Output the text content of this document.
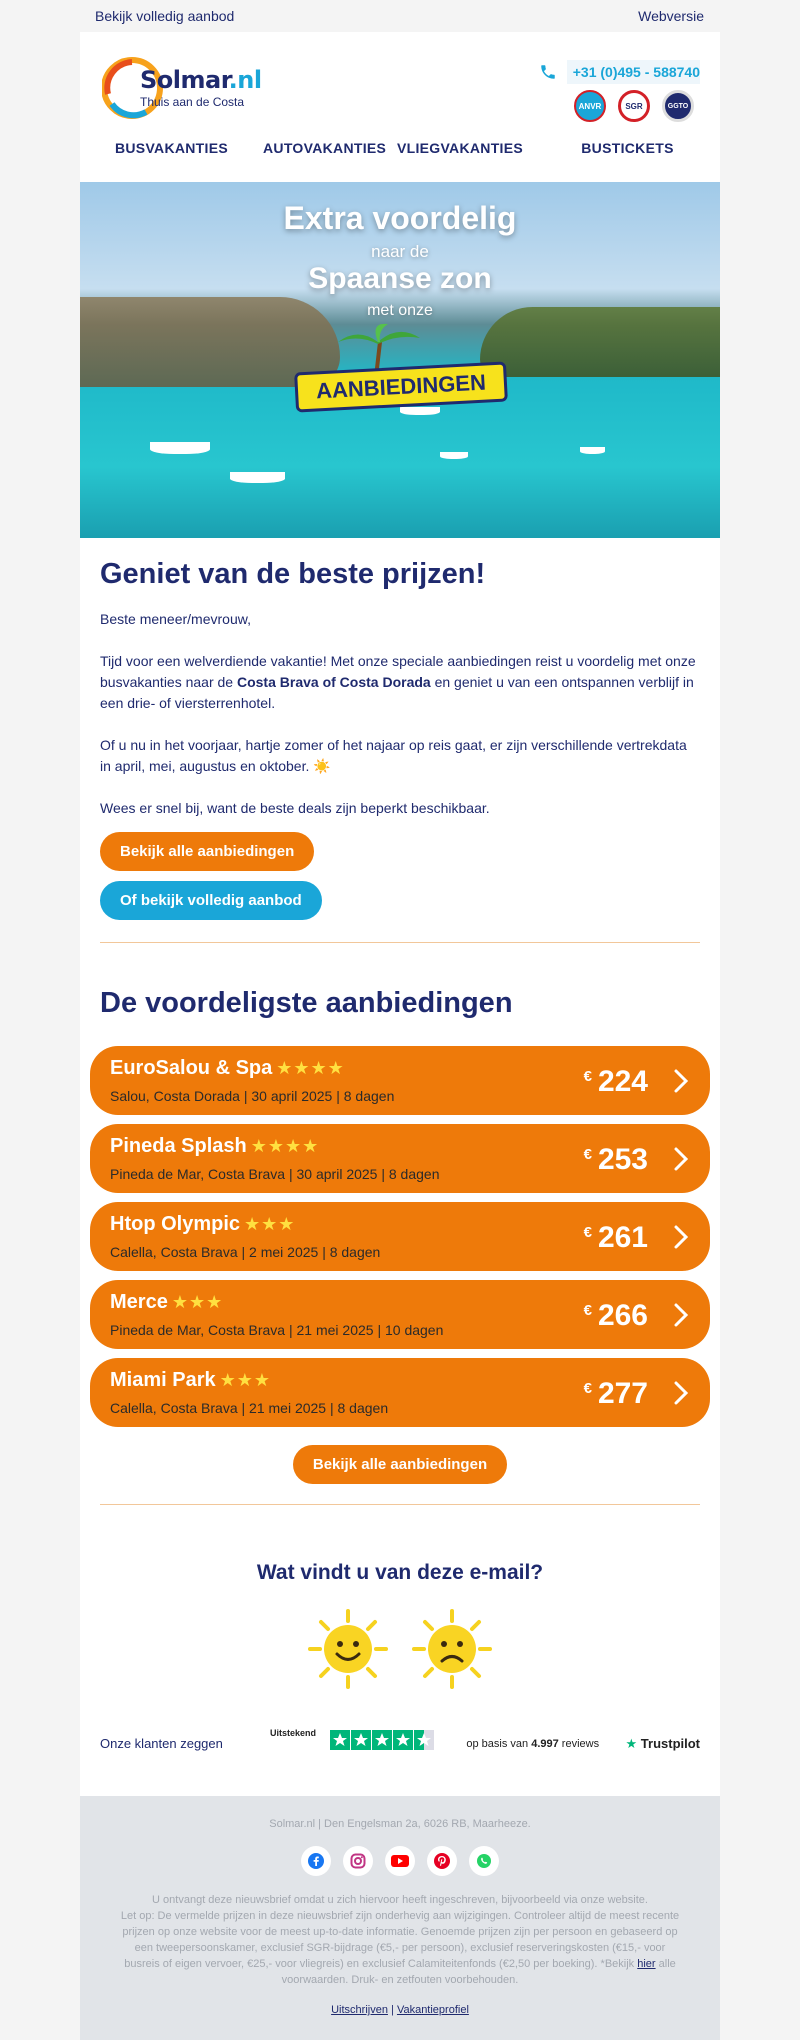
Bekijk volledig aanbod	Webversie
Solmar.nl
Thuis aan de Costa
+31 (0)495 - 588740
ANVR	SGR	GGTO
BUSVAKANTIES	AUTOVAKANTIES VLIEGVAKANTIES	BUSTICKETS
Extra voordelig
naar de
Spaanse zon
met onze
AANBIEDINGEN
Geniet van de beste prijzen!

Beste meneer/mevrouw,

Tijd voor een welverdiende vakantie! Met onze speciale aanbiedingen reist u voordelig met onze busvakanties naar de Costa Brava of Costa Dorada en geniet u van een ontspannen verblijf in een drie- of viersterrenhotel.

Of u nu in het voorjaar, hartje zomer of het najaar op reis gaat, er zijn verschillende vertrekdata in april, mei, augustus en oktober. ☀️

Wees er snel bij, want de beste deals zijn beperkt beschikbaar.

Bekijk alle aanbiedingen
Of bekijk volledig aanbod
De voordeligste aanbiedingen
EuroSalou & Spa ★★★★
Salou, Costa Dorada | 30 april 2025 | 8 dagen
€ 224
Pineda Splash ★★★★
Pineda de Mar, Costa Brava | 30 april 2025 | 8 dagen
€ 253
Htop Olympic ★★★
Calella, Costa Brava | 2 mei 2025 | 8 dagen
€ 261
Merce ★★★
Pineda de Mar, Costa Brava | 21 mei 2025 | 10 dagen
€ 266
Miami Park ★★★
Calella, Costa Brava | 21 mei 2025 | 8 dagen
€ 277
Bekijk alle aanbiedingen
Wat vindt u van deze e-mail?
Onze klanten zeggen
Uitstekend
op basis van 4.997 reviews	★ Trustpilot
Solmar.nl | Den Engelsman 2a, 6026 RB, Maarheeze.
U ontvangt deze nieuwsbrief omdat u zich hiervoor heeft ingeschreven, bijvoorbeeld via onze website.
Let op: De vermelde prijzen in deze nieuwsbrief zijn onderhevig aan wijzigingen. Controleer altijd de meest recente prijzen op onze website voor de meest up-to-date informatie. Genoemde prijzen zijn per persoon en gebaseerd op een tweepersoonskamer, exclusief SGR-bijdrage (€5,- per persoon), exclusief reserveringskosten (€15,- voor busreis of eigen vervoer, €25,- voor vliegreis) en exclusief Calamiteitenfonds (€2,50 per boeking). *Bekijk hier alle voorwaarden. Druk- en zetfouten voorbehouden.
Uitschrijven | Vakantieprofiel
